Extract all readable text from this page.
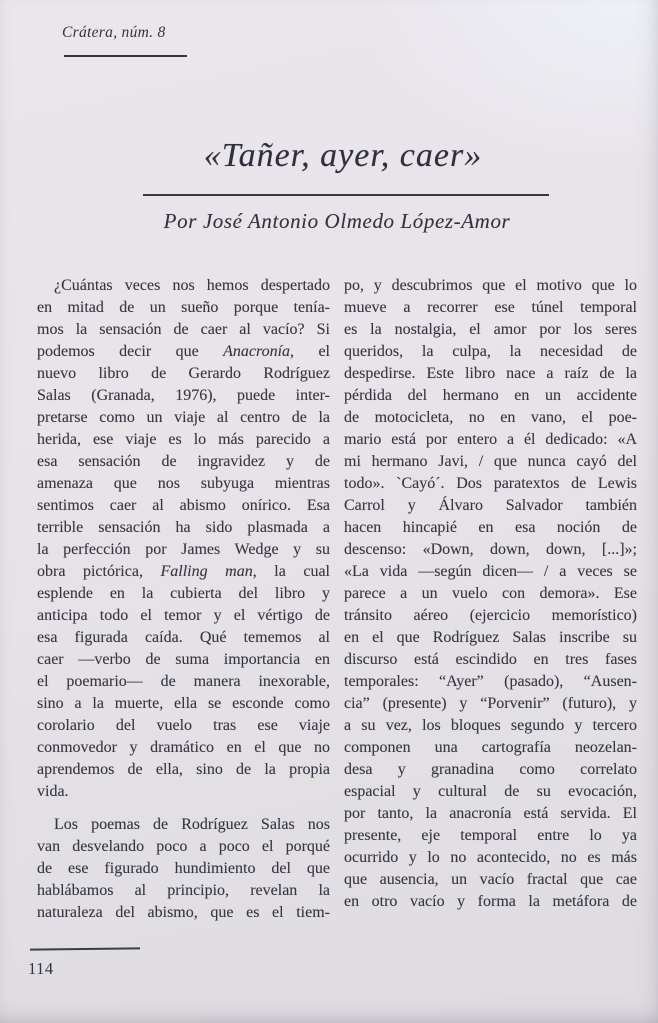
Crátera, núm. 8
«Tañer, ayer, caer»
Por José Antonio Olmedo López-Amor
¿Cuántas veces nos hemos despertado
en mitad de un sueño porque tenía-
mos la sensación de caer al vacío? Si
podemos decir que Anacronía, el
nuevo libro de Gerardo Rodríguez
Salas (Granada, 1976), puede inter-
pretarse como un viaje al centro de la
herida, ese viaje es lo más parecido a
esa sensación de ingravidez y de
amenaza que nos subyuga mientras
sentimos caer al abismo onírico. Esa
terrible sensación ha sido plasmada a
la perfección por James Wedge y su
obra pictórica, Falling man, la cual
esplende en la cubierta del libro y
anticipa todo el temor y el vértigo de
esa figurada caída. Qué tememos al
caer —verbo de suma importancia en
el poemario— de manera inexorable,
sino a la muerte, ella se esconde como
corolario del vuelo tras ese viaje
conmovedor y dramático en el que no
aprendemos de ella, sino de la propia
vida.
Los poemas de Rodríguez Salas nos
van desvelando poco a poco el porqué
de ese figurado hundimiento del que
hablábamos al principio, revelan la
naturaleza del abismo, que es el tiem-
po, y descubrimos que el motivo que lo
mueve a recorrer ese túnel temporal
es la nostalgia, el amor por los seres
queridos, la culpa, la necesidad de
despedirse. Este libro nace a raíz de la
pérdida del hermano en un accidente
de motocicleta, no en vano, el poe-
mario está por entero a él dedicado: «A
mi hermano Javi, / que nunca cayó del
todo». `Cayó´. Dos paratextos de Lewis
Carrol y Álvaro Salvador también
hacen hincapié en esa noción de
descenso: «Down, down, down, [...]»;
«La vida —según dicen— / a veces se
parece a un vuelo con demora». Ese
tránsito aéreo (ejercicio memorístico)
en el que Rodríguez Salas inscribe su
discurso está escindido en tres fases
temporales: “Ayer” (pasado), “Ausen-
cia” (presente) y “Porvenir” (futuro), y
a su vez, los bloques segundo y tercero
componen una cartografía neozelan-
desa y granadina como correlato
espacial y cultural de su evocación,
por tanto, la anacronía está servida. El
presente, eje temporal entre lo ya
ocurrido y lo no acontecido, no es más
que ausencia, un vacío fractal que cae
en otro vacío y forma la metáfora de
114
